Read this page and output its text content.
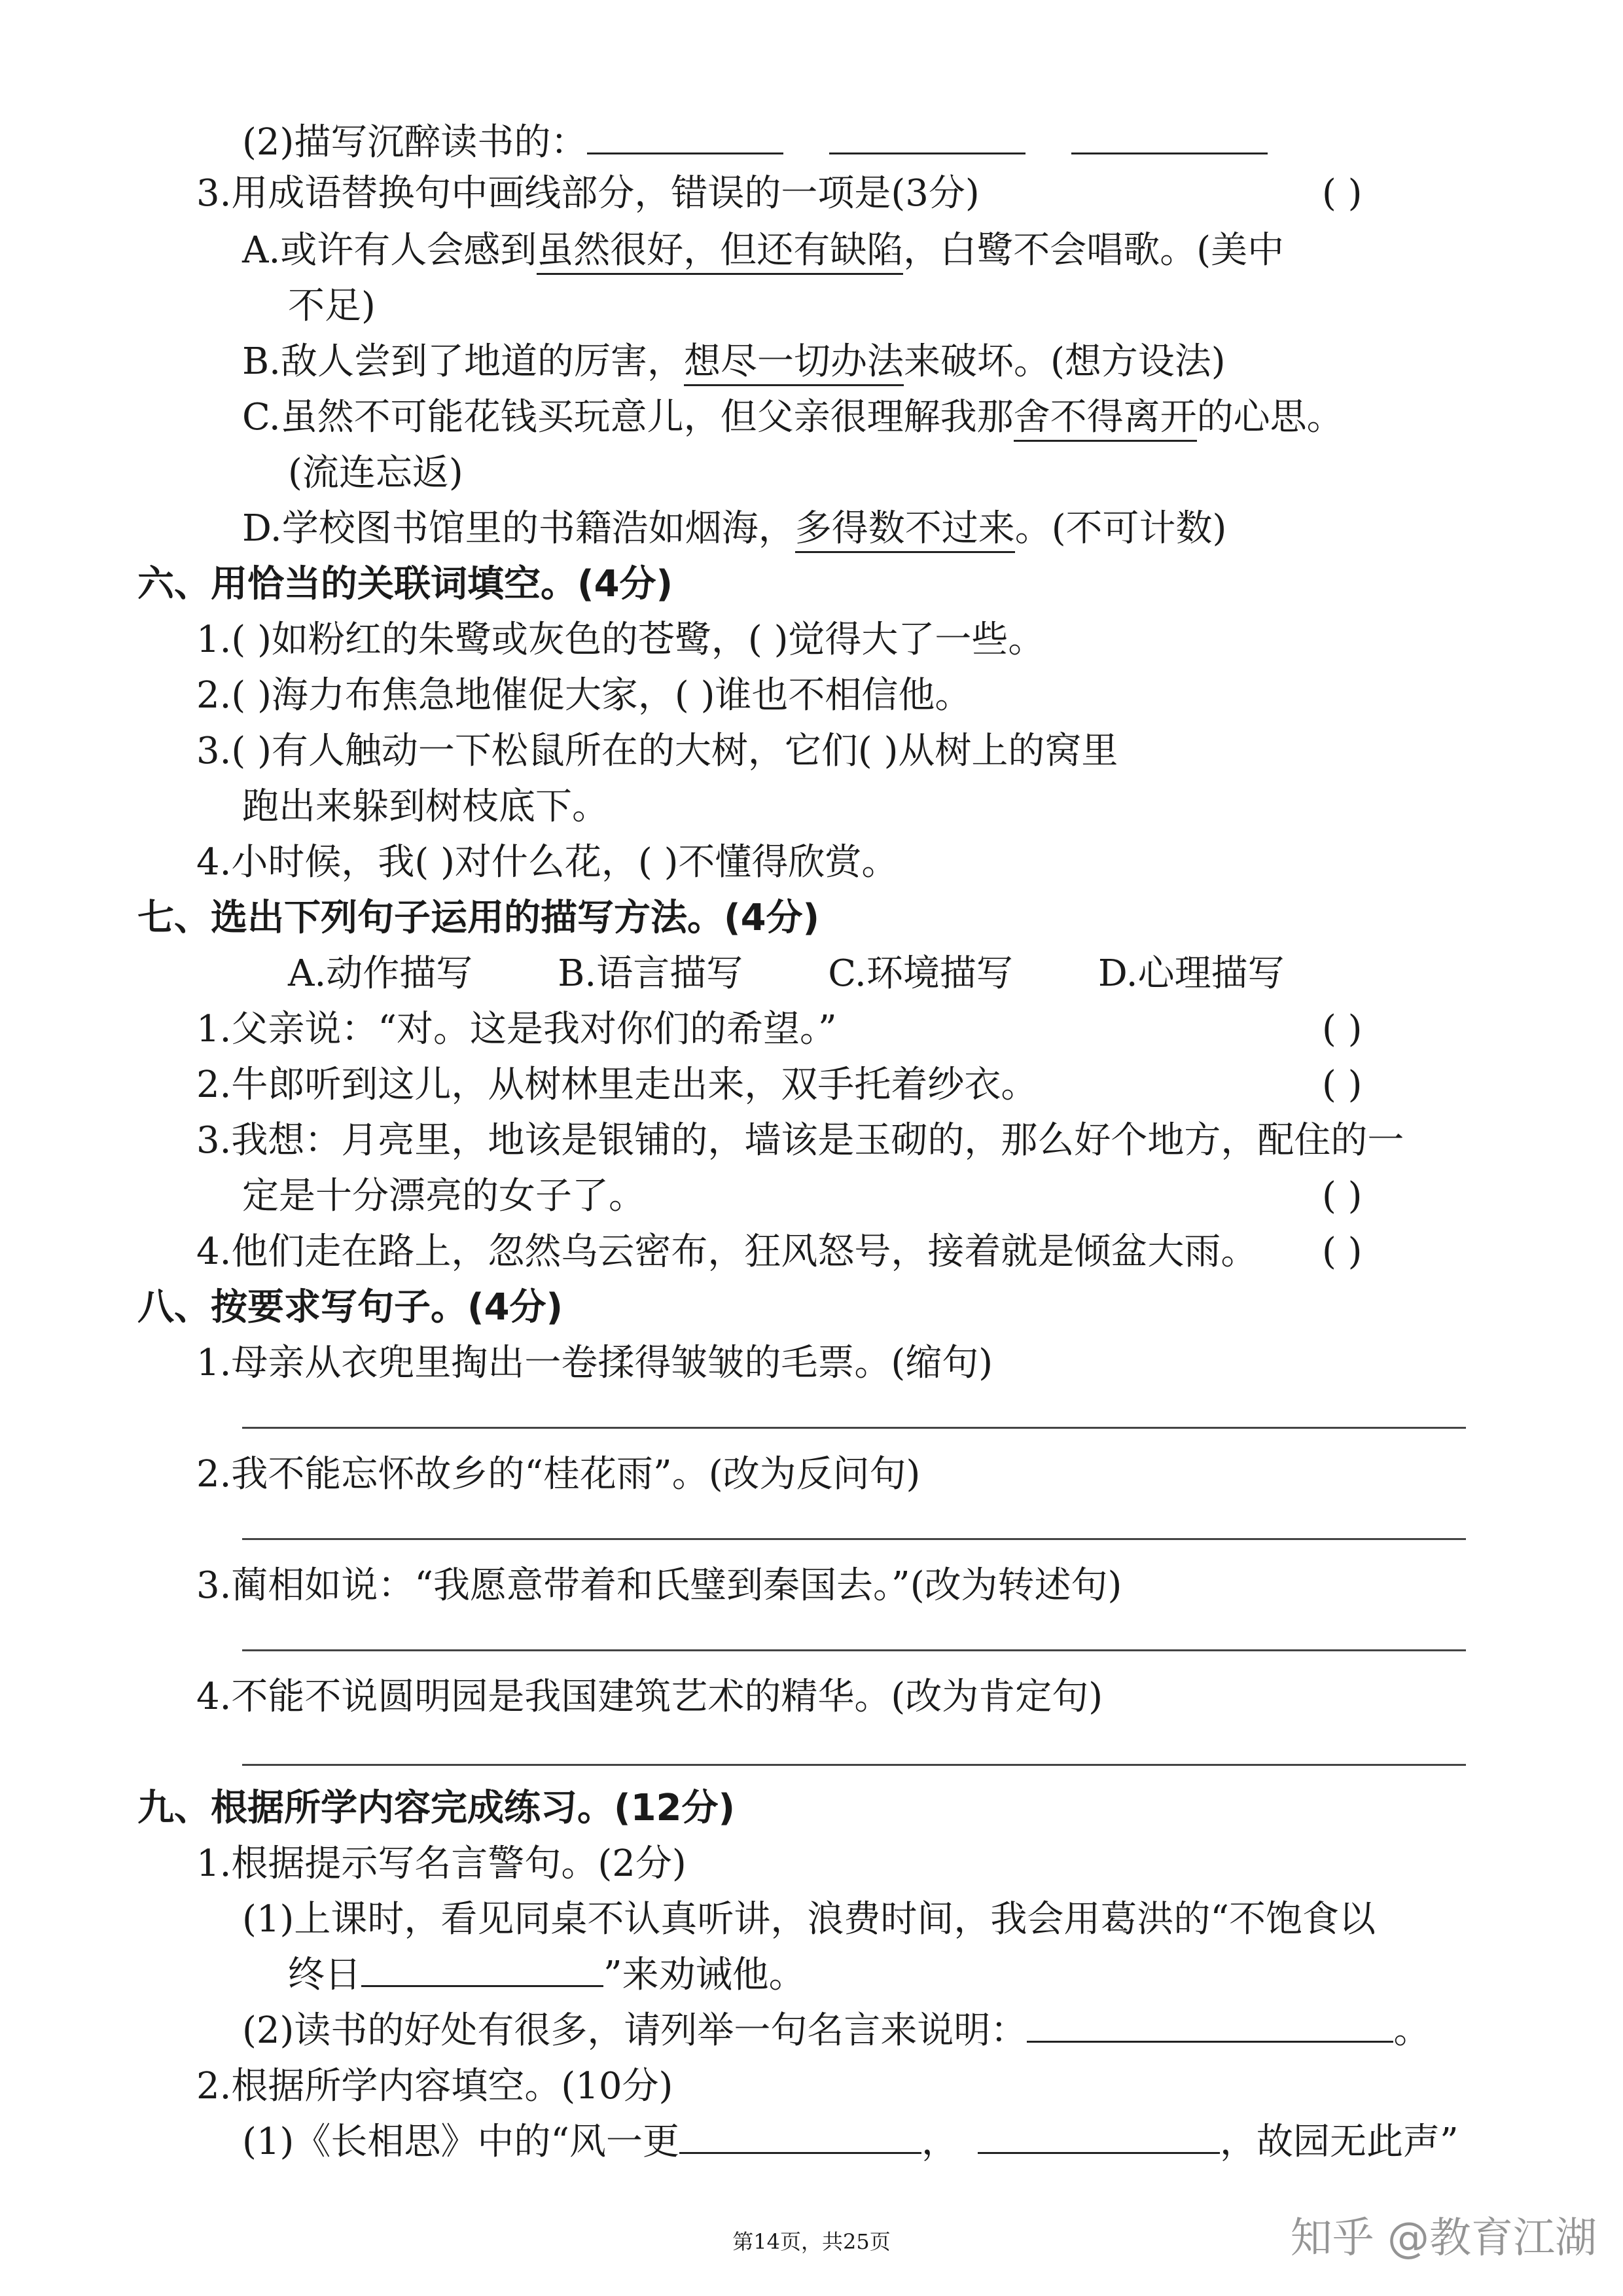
(2)描写沉醉读书的：
3.用成语替换句中画线部分，错误的一项是(3分)	( )
A.或许有人会感到虽然很好，但还有缺陷，白鹭不会唱歌。(美中
不足)
B.敌人尝到了地道的厉害，想尽一切办法来破坏。(想方设法)
C.虽然不可能花钱买玩意儿，但父亲很理解我那舍不得离开的心思。
(流连忘返)
D.学校图书馆里的书籍浩如烟海，多得数不过来。(不可计数)
六、用恰当的关联词填空。(4分)
1.( )如粉红的朱鹭或灰色的苍鹭，( )觉得大了一些。
2.( )海力布焦急地催促大家，( )谁也不相信他。
3.( )有人触动一下松鼠所在的大树，它们( )从树上的窝里
跑出来躲到树枝底下。
4.小时候，我( )对什么花，( )不懂得欣赏。
七、选出下列句子运用的描写方法。(4分)
A.动作描写 B.语言描写 C.环境描写 D.心理描写
1.父亲说：“对。这是我对你们的希望。”	( )
2.牛郎听到这儿，从树林里走出来，双手托着纱衣。	( )
3.我想：月亮里，地该是银铺的，墙该是玉砌的，那么好个地方，配住的一
定是十分漂亮的女子了。	( )
4.他们走在路上，忽然乌云密布，狂风怒号，接着就是倾盆大雨。 ( )
八、按要求写句子。(4分)
1.母亲从衣兜里掏出一卷揉得皱皱的毛票。(缩句)
2.我不能忘怀故乡的“桂花雨”。(改为反问句)
3.蔺相如说：“我愿意带着和氏璧到秦国去。”(改为转述句)
4.不能不说圆明园是我国建筑艺术的精华。(改为肯定句)
九、根据所学内容完成练习。(12分)
1.根据提示写名言警句。(2分)
(1)上课时，看见同桌不认真听讲，浪费时间，我会用葛洪的“不饱食以
终日	”来劝诫他。
(2)读书的好处有很多，请列举一句名言来说明：	。
2.根据所学内容填空。(10分)
(1)《长相思》中的“风一更	，	，故园无此声”
第14页，共25页	知乎 @教育江湖
